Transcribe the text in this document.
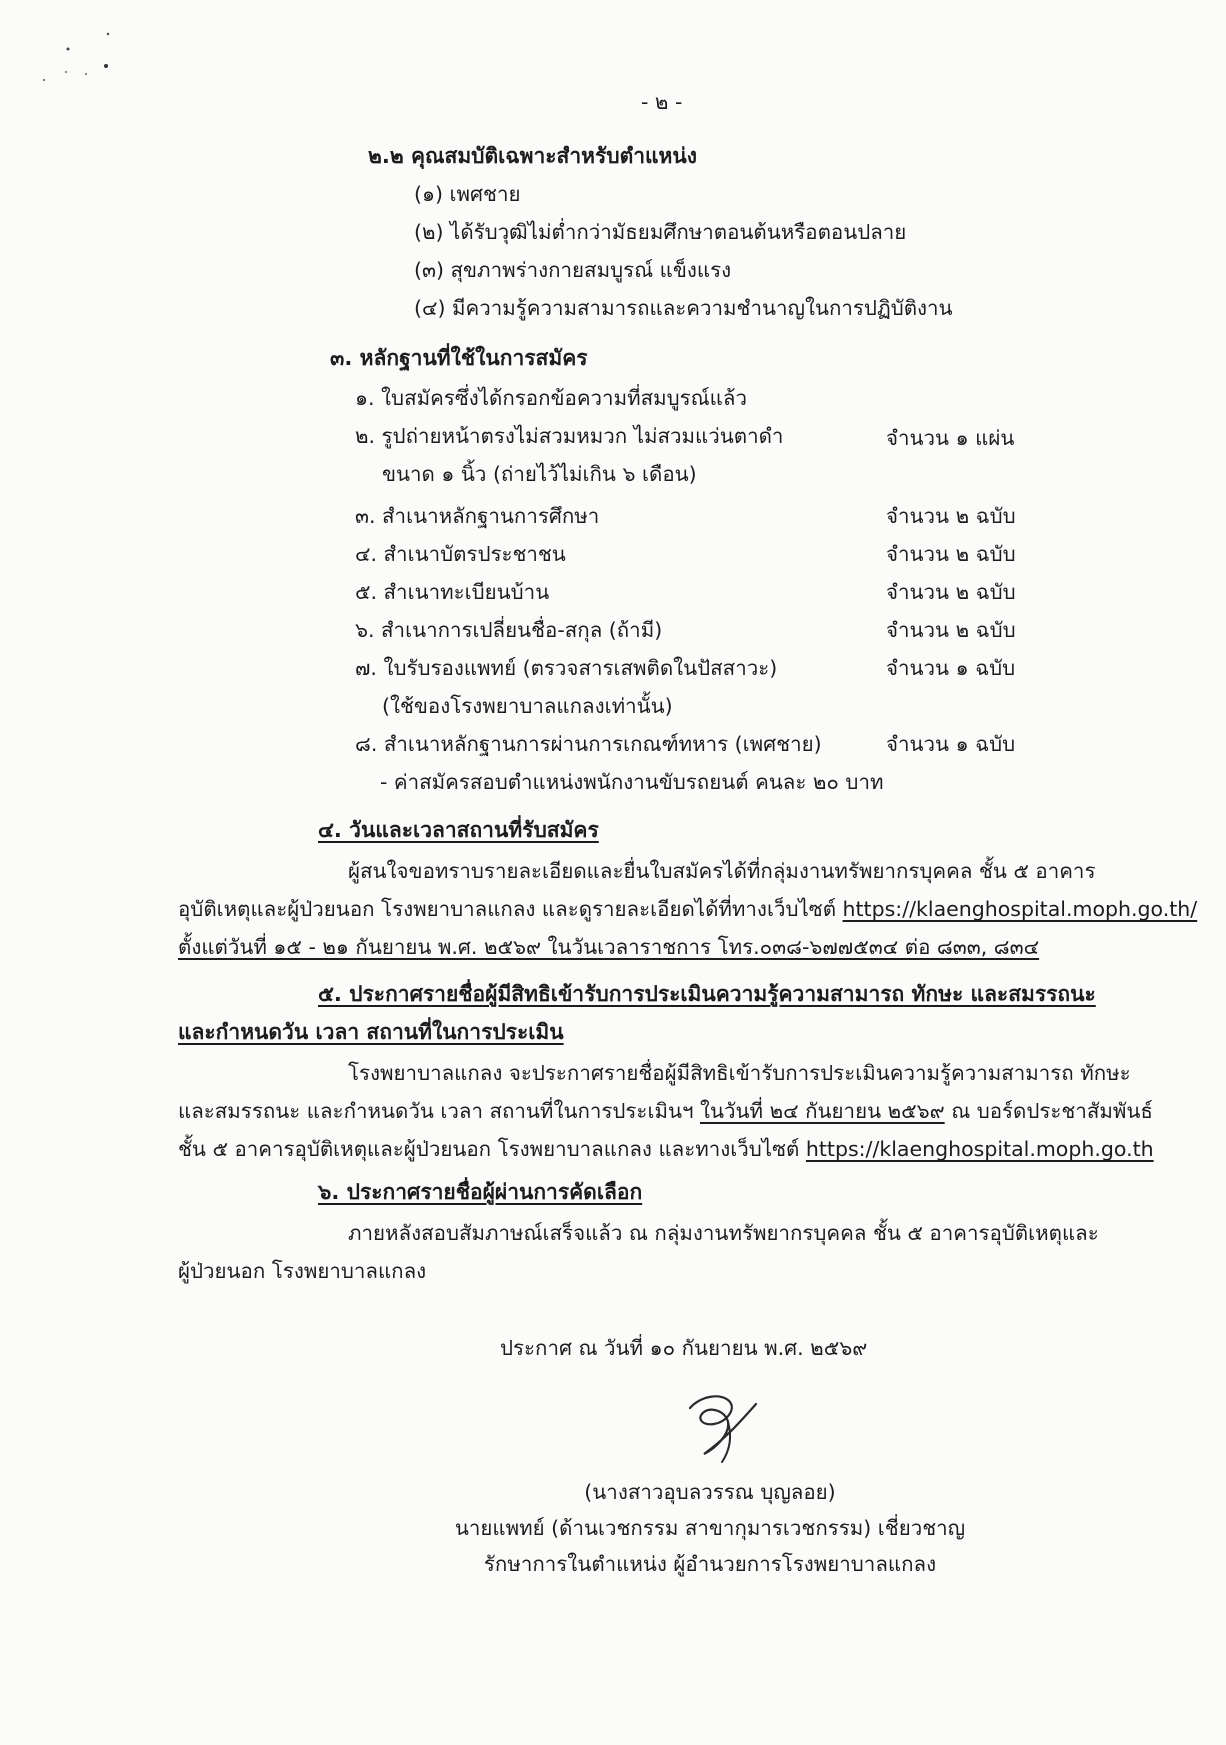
- ๒ -
๒.๒ คุณสมบัติเฉพาะสำหรับตำแหน่ง
(๑) เพศชาย
(๒) ได้รับวุฒิไม่ต่ำกว่ามัธยมศึกษาตอนต้นหรือตอนปลาย
(๓) สุขภาพร่างกายสมบูรณ์ แข็งแรง
(๔) มีความรู้ความสามารถและความชำนาญในการปฏิบัติงาน
๓. หลักฐานที่ใช้ในการสมัคร
๑. ใบสมัครซึ่งได้กรอกข้อความที่สมบูรณ์แล้ว
๒. รูปถ่ายหน้าตรงไม่สวมหมวก ไม่สวมแว่นตาดำ	จำนวน ๑ แผ่น
ขนาด ๑ นิ้ว (ถ่ายไว้ไม่เกิน ๖ เดือน)
๓. สำเนาหลักฐานการศึกษา	จำนวน ๒ ฉบับ
๔. สำเนาบัตรประชาชน	จำนวน ๒ ฉบับ
๕. สำเนาทะเบียนบ้าน	จำนวน ๒ ฉบับ
๖. สำเนาการเปลี่ยนชื่อ-สกุล (ถ้ามี)	จำนวน ๒ ฉบับ
๗. ใบรับรองแพทย์ (ตรวจสารเสพติดในปัสสาวะ)	จำนวน ๑ ฉบับ
(ใช้ของโรงพยาบาลแกลงเท่านั้น)
๘. สำเนาหลักฐานการผ่านการเกณฑ์ทหาร (เพศชาย)	จำนวน ๑ ฉบับ
- ค่าสมัครสอบตำแหน่งพนักงานขับรถยนต์ คนละ ๒๐ บาท
๔. วันและเวลาสถานที่รับสมัคร
ผู้สนใจขอทราบรายละเอียดและยื่นใบสมัครได้ที่กลุ่มงานทรัพยากรบุคคล ชั้น ๕ อาคาร
อุบัติเหตุและผู้ป่วยนอก โรงพยาบาลแกลง และดูรายละเอียดได้ที่ทางเว็บไซต์ https://klaenghospital.moph.go.th/
ตั้งแต่วันที่ ๑๕ - ๒๑ กันยายน พ.ศ. ๒๕๖๙ ในวันเวลาราชการ โทร.๐๓๘-๖๗๗๕๓๔ ต่อ ๘๓๓, ๘๓๔
๕. ประกาศรายชื่อผู้มีสิทธิเข้ารับการประเมินความรู้ความสามารถ ทักษะ และสมรรถนะ
และกำหนดวัน เวลา สถานที่ในการประเมิน
โรงพยาบาลแกลง จะประกาศรายชื่อผู้มีสิทธิเข้ารับการประเมินความรู้ความสามารถ ทักษะ
และสมรรถนะ และกำหนดวัน เวลา สถานที่ในการประเมินฯ ในวันที่ ๒๔ กันยายน ๒๕๖๙ ณ บอร์ดประชาสัมพันธ์
ชั้น ๕ อาคารอุบัติเหตุและผู้ป่วยนอก โรงพยาบาลแกลง และทางเว็บไซต์ https://klaenghospital.moph.go.th
๖. ประกาศรายชื่อผู้ผ่านการคัดเลือก
ภายหลังสอบสัมภาษณ์เสร็จแล้ว ณ กลุ่มงานทรัพยากรบุคคล ชั้น ๕ อาคารอุบัติเหตุและ
ผู้ป่วยนอก โรงพยาบาลแกลง
ประกาศ ณ วันที่ ๑๐ กันยายน พ.ศ. ๒๕๖๙
(นางสาวอุบลวรรณ บุญลอย)
นายแพทย์ (ด้านเวชกรรม สาขากุมารเวชกรรม) เชี่ยวชาญ
รักษาการในตำแหน่ง ผู้อำนวยการโรงพยาบาลแกลง
